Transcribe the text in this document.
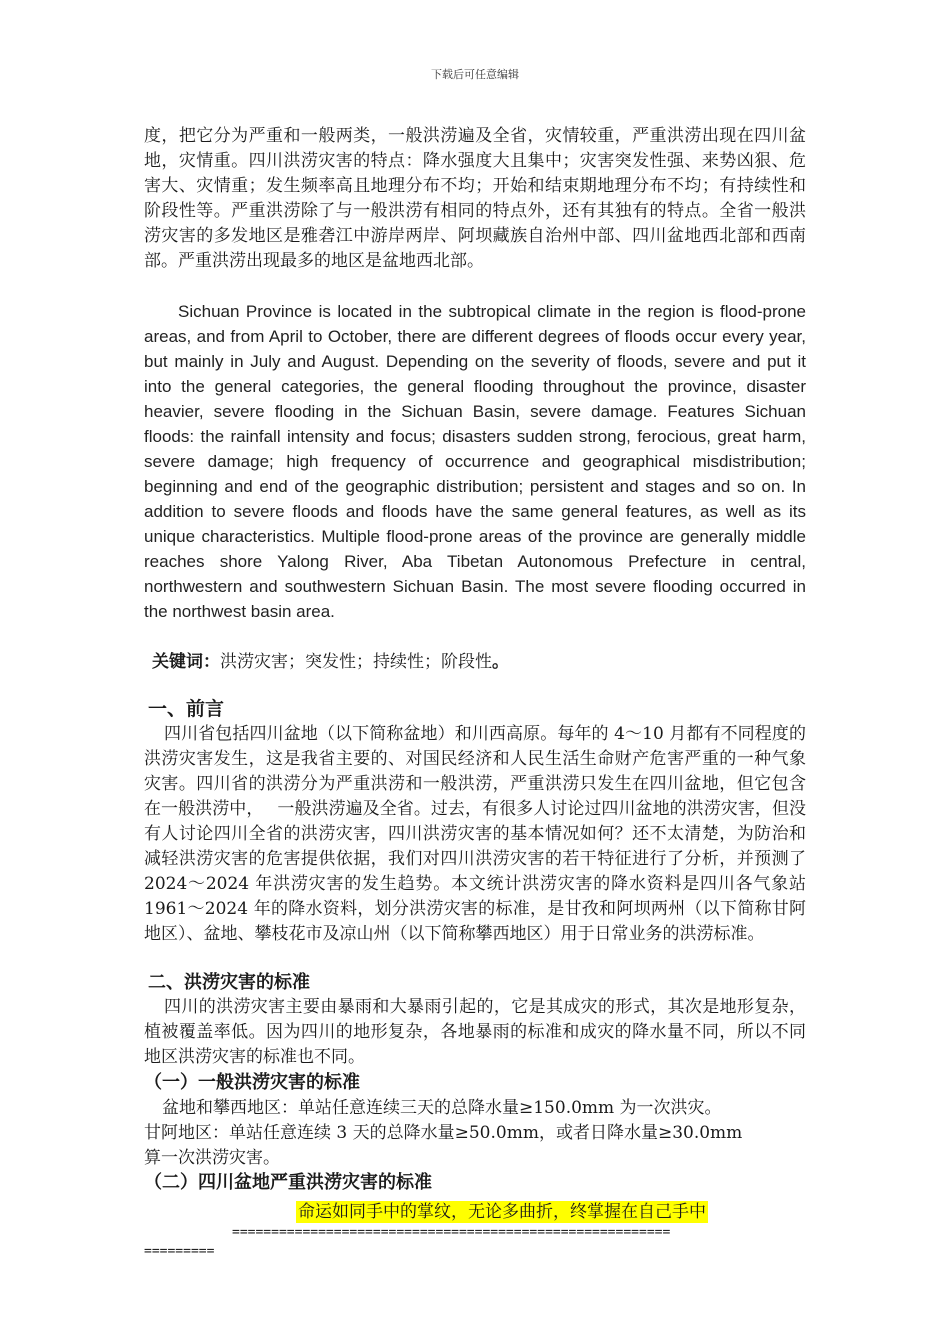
下载后可任意编辑

度，把它分为严重和一般两类，一般洪涝遍及全省，灾情较重，严重洪涝出现在四川盆地，灾情重。四川洪涝灾害的特点：降水强度大且集中；灾害突发性强、来势凶狠、危害大、灾情重；发生频率高且地理分布不均；开始和结束期地理分布不均；有持续性和阶段性等。严重洪涝除了与一般洪涝有相同的特点外，还有其独有的特点。全省一般洪涝灾害的多发地区是雅砻江中游岸两岸、阿坝藏族自治州中部、四川盆地西北部和西南部。严重洪涝出现最多的地区是盆地西北部。

Sichuan Province is located in the subtropical climate in the region is flood-prone areas, and from April to October, there are different degrees of floods occur every year, but mainly in July and August. Depending on the severity of floods, severe and put it into the general categories, the general flooding throughout the province, disaster heavier, severe flooding in the Sichuan Basin, severe damage. Features Sichuan floods: the rainfall intensity and focus; disasters sudden strong, ferocious, great harm, severe damage; high frequency of occurrence and geographical misdistribution; beginning and end of the geographic distribution; persistent and stages and so on. In addition to severe floods and floods have the same general features, as well as its unique characteristics. Multiple flood-prone areas of the province are generally middle reaches shore Yalong River, Aba Tibetan Autonomous Prefecture in central, northwestern and southwestern Sichuan Basin. The most severe flooding occurred in the northwest basin area.

关键词：洪涝灾害；突发性；持续性；阶段性。
一、前言

四川省包括四川盆地（以下简称盆地）和川西高原。每年的 4～10 月都有不同程度的洪涝灾害发生，这是我省主要的、对国民经济和人民生活生命财产危害严重的一种气象灾害。四川省的洪涝分为严重洪涝和一般洪涝，严重洪涝只发生在四川盆地，但它包含在一般洪涝中，　 一般洪涝遍及全省。过去，有很多人讨论过四川盆地的洪涝灾害，但没有人讨论四川全省的洪涝灾害，四川洪涝灾害的基本情况如何？还不太清楚，为防治和减轻洪涝灾害的危害提供依据，我们对四川洪涝灾害的若干特征进行了分析，并预测了 2024～2024 年洪涝灾害的发生趋势。本文统计洪涝灾害的降水资料是四川各气象站 1961～2024 年的降水资料，划分洪涝灾害的标准，是甘孜和阿坝两州（以下简称甘阿地区）、盆地、攀枝花市及凉山州（以下简称攀西地区）用于日常业务的洪涝标准。

二、洪涝灾害的标准

四川的洪涝灾害主要由暴雨和大暴雨引起的，它是其成灾的形式，其次是地形复杂，植被覆盖率低。因为四川的地形复杂，各地暴雨的标准和成灾的降水量不同，所以不同地区洪涝灾害的标准也不同。

（一）一般洪涝灾害的标准
盆地和攀西地区：单站任意连续三天的总降水量≥150.0mm 为一次洪灾。
甘阿地区：单站任意连续 3 天的总降水量≥50.0mm，或者日降水量≥30.0mm
算一次洪涝灾害。
（二）四川盆地严重洪涝灾害的标准
命运如同手中的掌纹，无论多曲折，终掌握在自己手中
========================================================
=========
